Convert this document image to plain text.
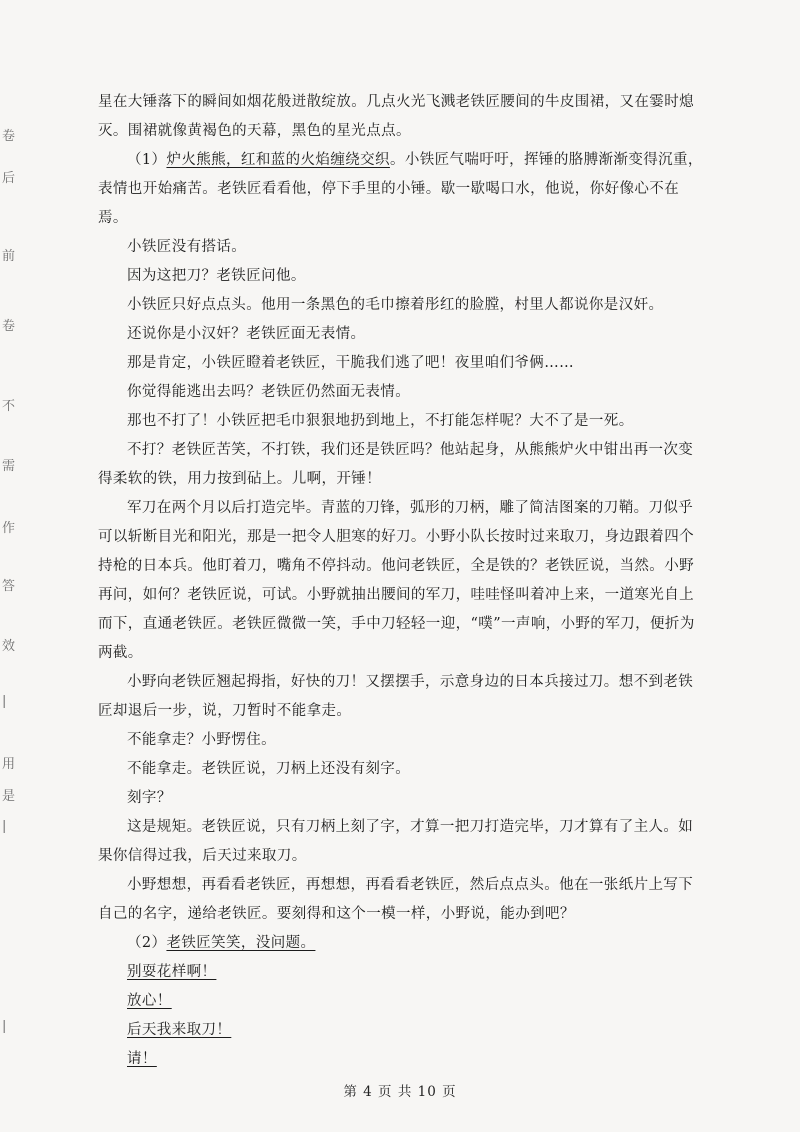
卷
后
前
卷
不
需
作
答
效
|
用
是
|
|

星在大锤落下的瞬间如烟花般迸散绽放。几点火光飞溅老铁匠腰间的牛皮围裙，又在霎时熄灭。围裙就像黄褐色的天幕，黑色的星光点点。

（1）炉火熊熊，红和蓝的火焰缠绕交织。小铁匠气喘吁吁，挥锤的胳膊渐渐变得沉重，表情也开始痛苦。老铁匠看看他，停下手里的小锤。歇一歇喝口水，他说，你好像心不在焉。

小铁匠没有搭话。

因为这把刀？老铁匠问他。

小铁匠只好点点头。他用一条黑色的毛巾擦着彤红的脸膛，村里人都说你是汉奸。

还说你是小汉奸？老铁匠面无表情。

那是肯定，小铁匠瞪着老铁匠，干脆我们逃了吧！夜里咱们爷俩……

你觉得能逃出去吗？老铁匠仍然面无表情。

那也不打了！小铁匠把毛巾狠狠地扔到地上，不打能怎样呢？大不了是一死。

不打？老铁匠苦笑，不打铁，我们还是铁匠吗？他站起身，从熊熊炉火中钳出再一次变得柔软的铁，用力按到砧上。儿啊，开锤！

军刀在两个月以后打造完毕。青蓝的刀锋，弧形的刀柄，雕了简洁图案的刀鞘。刀似乎可以斩断目光和阳光，那是一把令人胆寒的好刀。小野小队长按时过来取刀，身边跟着四个持枪的日本兵。他盯着刀，嘴角不停抖动。他问老铁匠，全是铁的？老铁匠说，当然。小野再问，如何？老铁匠说，可试。小野就抽出腰间的军刀，哇哇怪叫着冲上来，一道寒光自上而下，直通老铁匠。老铁匠微微一笑，手中刀轻轻一迎，“噗”一声响，小野的军刀，便折为两截。

小野向老铁匠翘起拇指，好快的刀！又摆摆手，示意身边的日本兵接过刀。想不到老铁匠却退后一步，说，刀暂时不能拿走。

不能拿走？小野愣住。

不能拿走。老铁匠说，刀柄上还没有刻字。

刻字？

这是规矩。老铁匠说，只有刀柄上刻了字，才算一把刀打造完毕，刀才算有了主人。如果你信得过我，后天过来取刀。

小野想想，再看看老铁匠，再想想，再看看老铁匠，然后点点头。他在一张纸片上写下自己的名字，递给老铁匠。要刻得和这个一模一样，小野说，能办到吧？

（2）老铁匠笑笑，没问题。

别耍花样啊！

放心！

后天我来取刀！

请！

第 4 页 共 10 页
